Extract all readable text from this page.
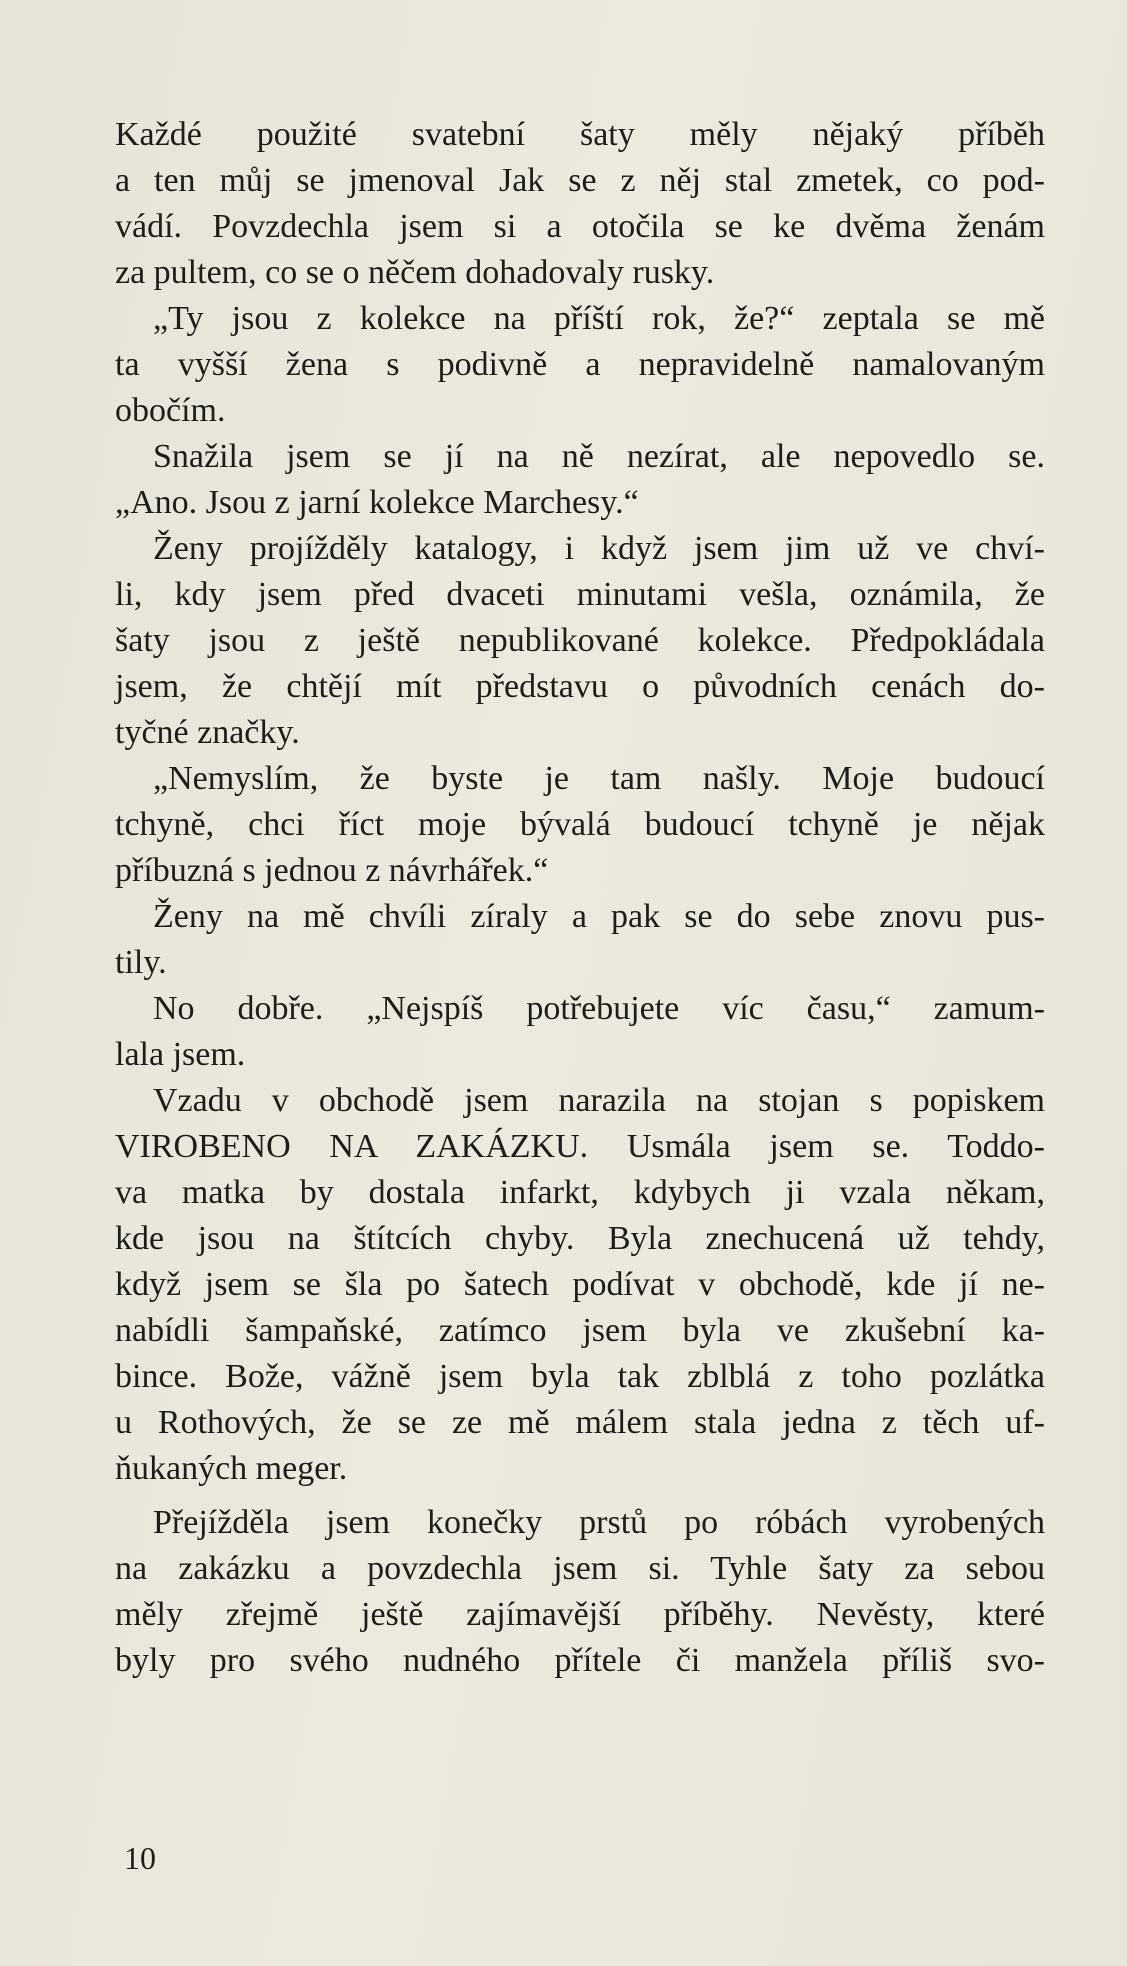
Každé použité svatební šaty měly nějaký příběh
a ten můj se jmenoval Jak se z něj stal zmetek, co pod-
vádí. Povzdechla jsem si a otočila se ke dvěma ženám
za pultem, co se o něčem dohadovaly rusky.

„Ty jsou z kolekce na příští rok, že?“ zeptala se mě
ta vyšší žena s podivně a nepravidelně namalovaným
obočím.

Snažila jsem se jí na ně nezírat, ale nepovedlo se.
„Ano. Jsou z jarní kolekce Marchesy.“

Ženy projížděly katalogy, i když jsem jim už ve chví-
li, kdy jsem před dvaceti minutami vešla, oznámila, že
šaty jsou z ještě nepublikované kolekce. Předpokládala
jsem, že chtějí mít představu o původních cenách do-
tyčné značky.

„Nemyslím, že byste je tam našly. Moje budoucí
tchyně, chci říct moje bývalá budoucí tchyně je nějak
příbuzná s jednou z návrhářek.“

Ženy na mě chvíli zíraly a pak se do sebe znovu pus-
tily.

No dobře. „Nejspíš potřebujete víc času,“ zamum-
lala jsem.

Vzadu v obchodě jsem narazila na stojan s popiskem
VIROBENO NA ZAKÁZKU. Usmála jsem se. Toddo-
va matka by dostala infarkt, kdybych ji vzala někam,
kde jsou na štítcích chyby. Byla znechucená už tehdy,
když jsem se šla po šatech podívat v obchodě, kde jí ne-
nabídli šampaňské, zatímco jsem byla ve zkušební ka-
bince. Bože, vážně jsem byla tak zblblá z toho pozlátka
u Rothových, že se ze mě málem stala jedna z těch uf-
ňukaných meger.

Přejížděla jsem konečky prstů po róbách vyrobených
na zakázku a povzdechla jsem si. Tyhle šaty za sebou
měly zřejmě ještě zajímavější příběhy. Nevěsty, které
byly pro svého nudného přítele či manžela příliš svo-

10
